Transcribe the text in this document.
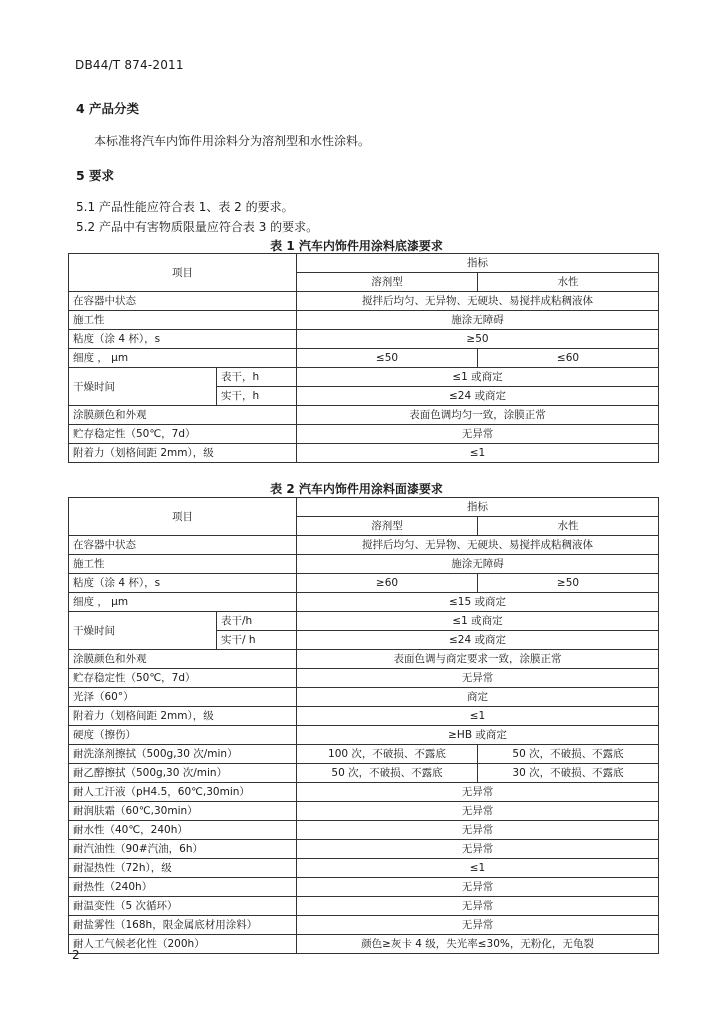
DB44/T 874-2011
4 产品分类
本标准将汽车内饰件用涂料分为溶剂型和水性涂料。
5 要求
5.1 产品性能应符合表 1、表 2 的要求。
5.2 产品中有害物质限量应符合表 3 的要求。
表 1 汽车内饰件用涂料底漆要求
项目		指标	
		溶剂型	水性
在容器中状态		搅拌后均匀、无异物、无硬块、易搅拌成粘稠液体	
施工性		施涂无障碍	
粘度（涂 4 杯），s		≥50	
细度 ， μm		≤50	≤60
干燥时间	表干，h	≤1 或商定	
	实干，h	≤24 或商定	
涂膜颜色和外观		表面色调均匀一致，涂膜正常	
贮存稳定性（50℃，7d）		无异常	
附着力（划格间距 2mm），级		≤1	
表 2 汽车内饰件用涂料面漆要求
项目		指标	
		溶剂型	水性
在容器中状态		搅拌后均匀、无异物、无硬块、易搅拌成粘稠液体	
施工性		施涂无障碍	
粘度（涂 4 杯），s		≥60	≥50
细度 ， μm		≤15 或商定	
干燥时间	表干/h	≤1 或商定	
	实干/ h	≤24 或商定	
涂膜颜色和外观		表面色调与商定要求一致，涂膜正常	
贮存稳定性（50℃，7d）		无异常	
光泽（60°）		商定	
附着力（划格间距 2mm），级		≤1	
硬度（擦伤）		≥HB 或商定	
耐洗涤剂擦拭（500g,30 次/min）		100 次，不破损、不露底	50 次，不破损、不露底
耐乙醇擦拭（500g,30 次/min）		50 次，不破损、不露底	30 次，不破损、不露底
耐人工汗液（pH4.5，60℃,30min）		无异常	
耐润肤霜（60℃,30min）		无异常	
耐水性（40℃，240h）		无异常	
耐汽油性（90#汽油，6h）		无异常	
耐湿热性（72h），级		≤1	
耐热性（240h）		无异常	
耐温变性（5 次循环）		无异常	
耐盐雾性（168h，限金属底材用涂料）		无异常	
耐人工气候老化性（200h）		颜色≥灰卡 4 级，失光率≤30%，无粉化，无龟裂	
2
